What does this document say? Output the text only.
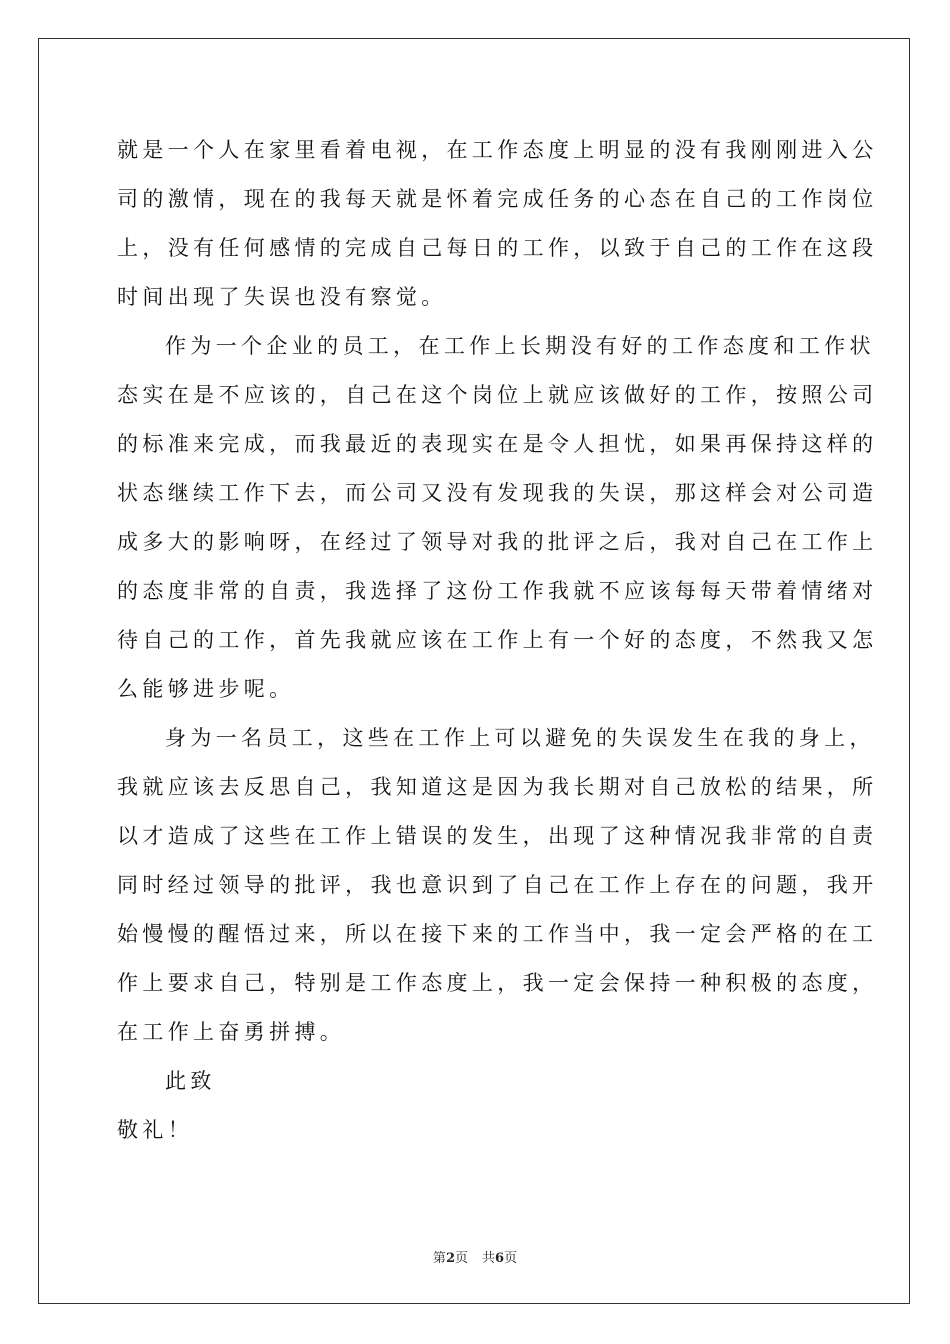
就是一个人在家里看着电视，在工作态度上明显的没有我刚刚进入公
司的激情，现在的我每天就是怀着完成任务的心态在自己的工作岗位
上，没有任何感情的完成自己每日的工作，以致于自己的工作在这段
时间出现了失误也没有察觉。
作为一个企业的员工，在工作上长期没有好的工作态度和工作状
态实在是不应该的，自己在这个岗位上就应该做好的工作，按照公司
的标准来完成，而我最近的表现实在是令人担忧，如果再保持这样的
状态继续工作下去，而公司又没有发现我的失误，那这样会对公司造
成多大的影响呀，在经过了领导对我的批评之后，我对自己在工作上
的态度非常的自责，我选择了这份工作我就不应该每每天带着情绪对
待自己的工作，首先我就应该在工作上有一个好的态度，不然我又怎
么能够进步呢。
身为一名员工，这些在工作上可以避免的失误发生在我的身上，
我就应该去反思自己，我知道这是因为我长期对自己放松的结果，所
以才造成了这些在工作上错误的发生，出现了这种情况我非常的自责
同时经过领导的批评，我也意识到了自己在工作上存在的问题，我开
始慢慢的醒悟过来，所以在接下来的工作当中，我一定会严格的在工
作上要求自己，特别是工作态度上，我一定会保持一种积极的态度，
在工作上奋勇拼搏。
此致
敬礼！
第2页 共6页
